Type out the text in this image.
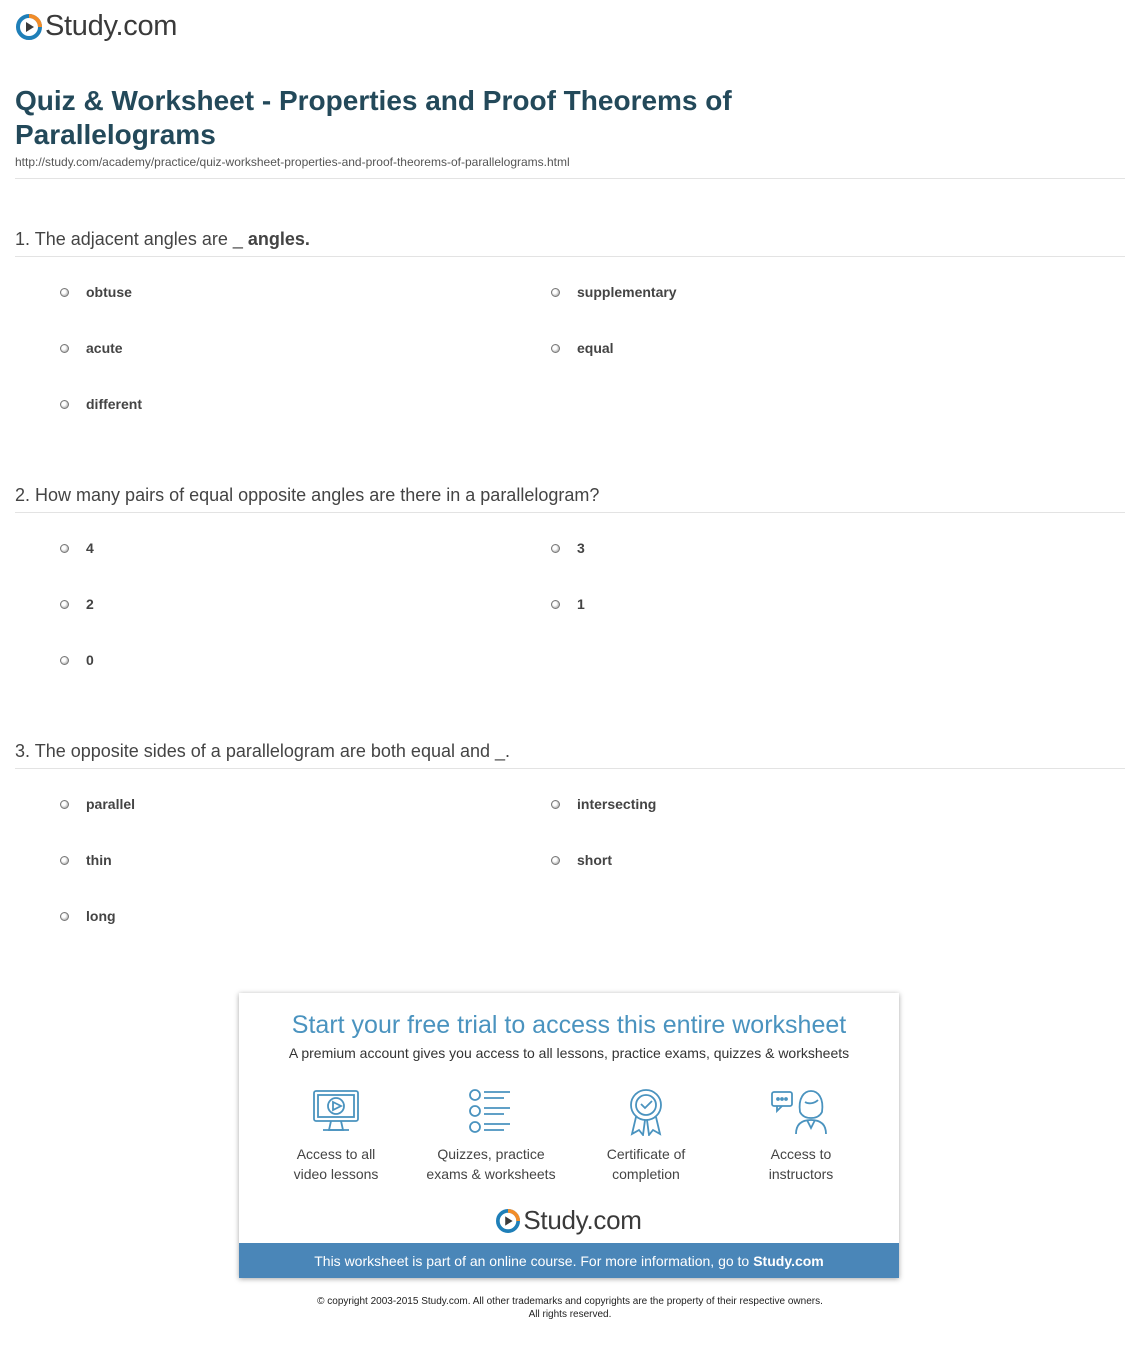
Study.com
Quiz & Worksheet - Properties and Proof Theorems of Parallelograms
http://study.com/academy/practice/quiz-worksheet-properties-and-proof-theorems-of-parallelograms.html
1. The adjacent angles are _ angles.
obtuse	supplementary
acute	equal
different
2. How many pairs of equal opposite angles are there in a parallelogram?
4	3
2	1
0
3. The opposite sides of a parallelogram are both equal and _.
parallel	intersecting
thin	short
long
Start your free trial to access this entire worksheet
A premium account gives you access to all lessons, practice exams, quizzes & worksheets
Access to all
video lessons
Quizzes, practice
exams & worksheets
Certificate of
completion
Access to
instructors
Study.com
This worksheet is part of an online course. For more information, go to Study.com
© copyright 2003-2015 Study.com. All other trademarks and copyrights are the property of their respective owners.
All rights reserved.
